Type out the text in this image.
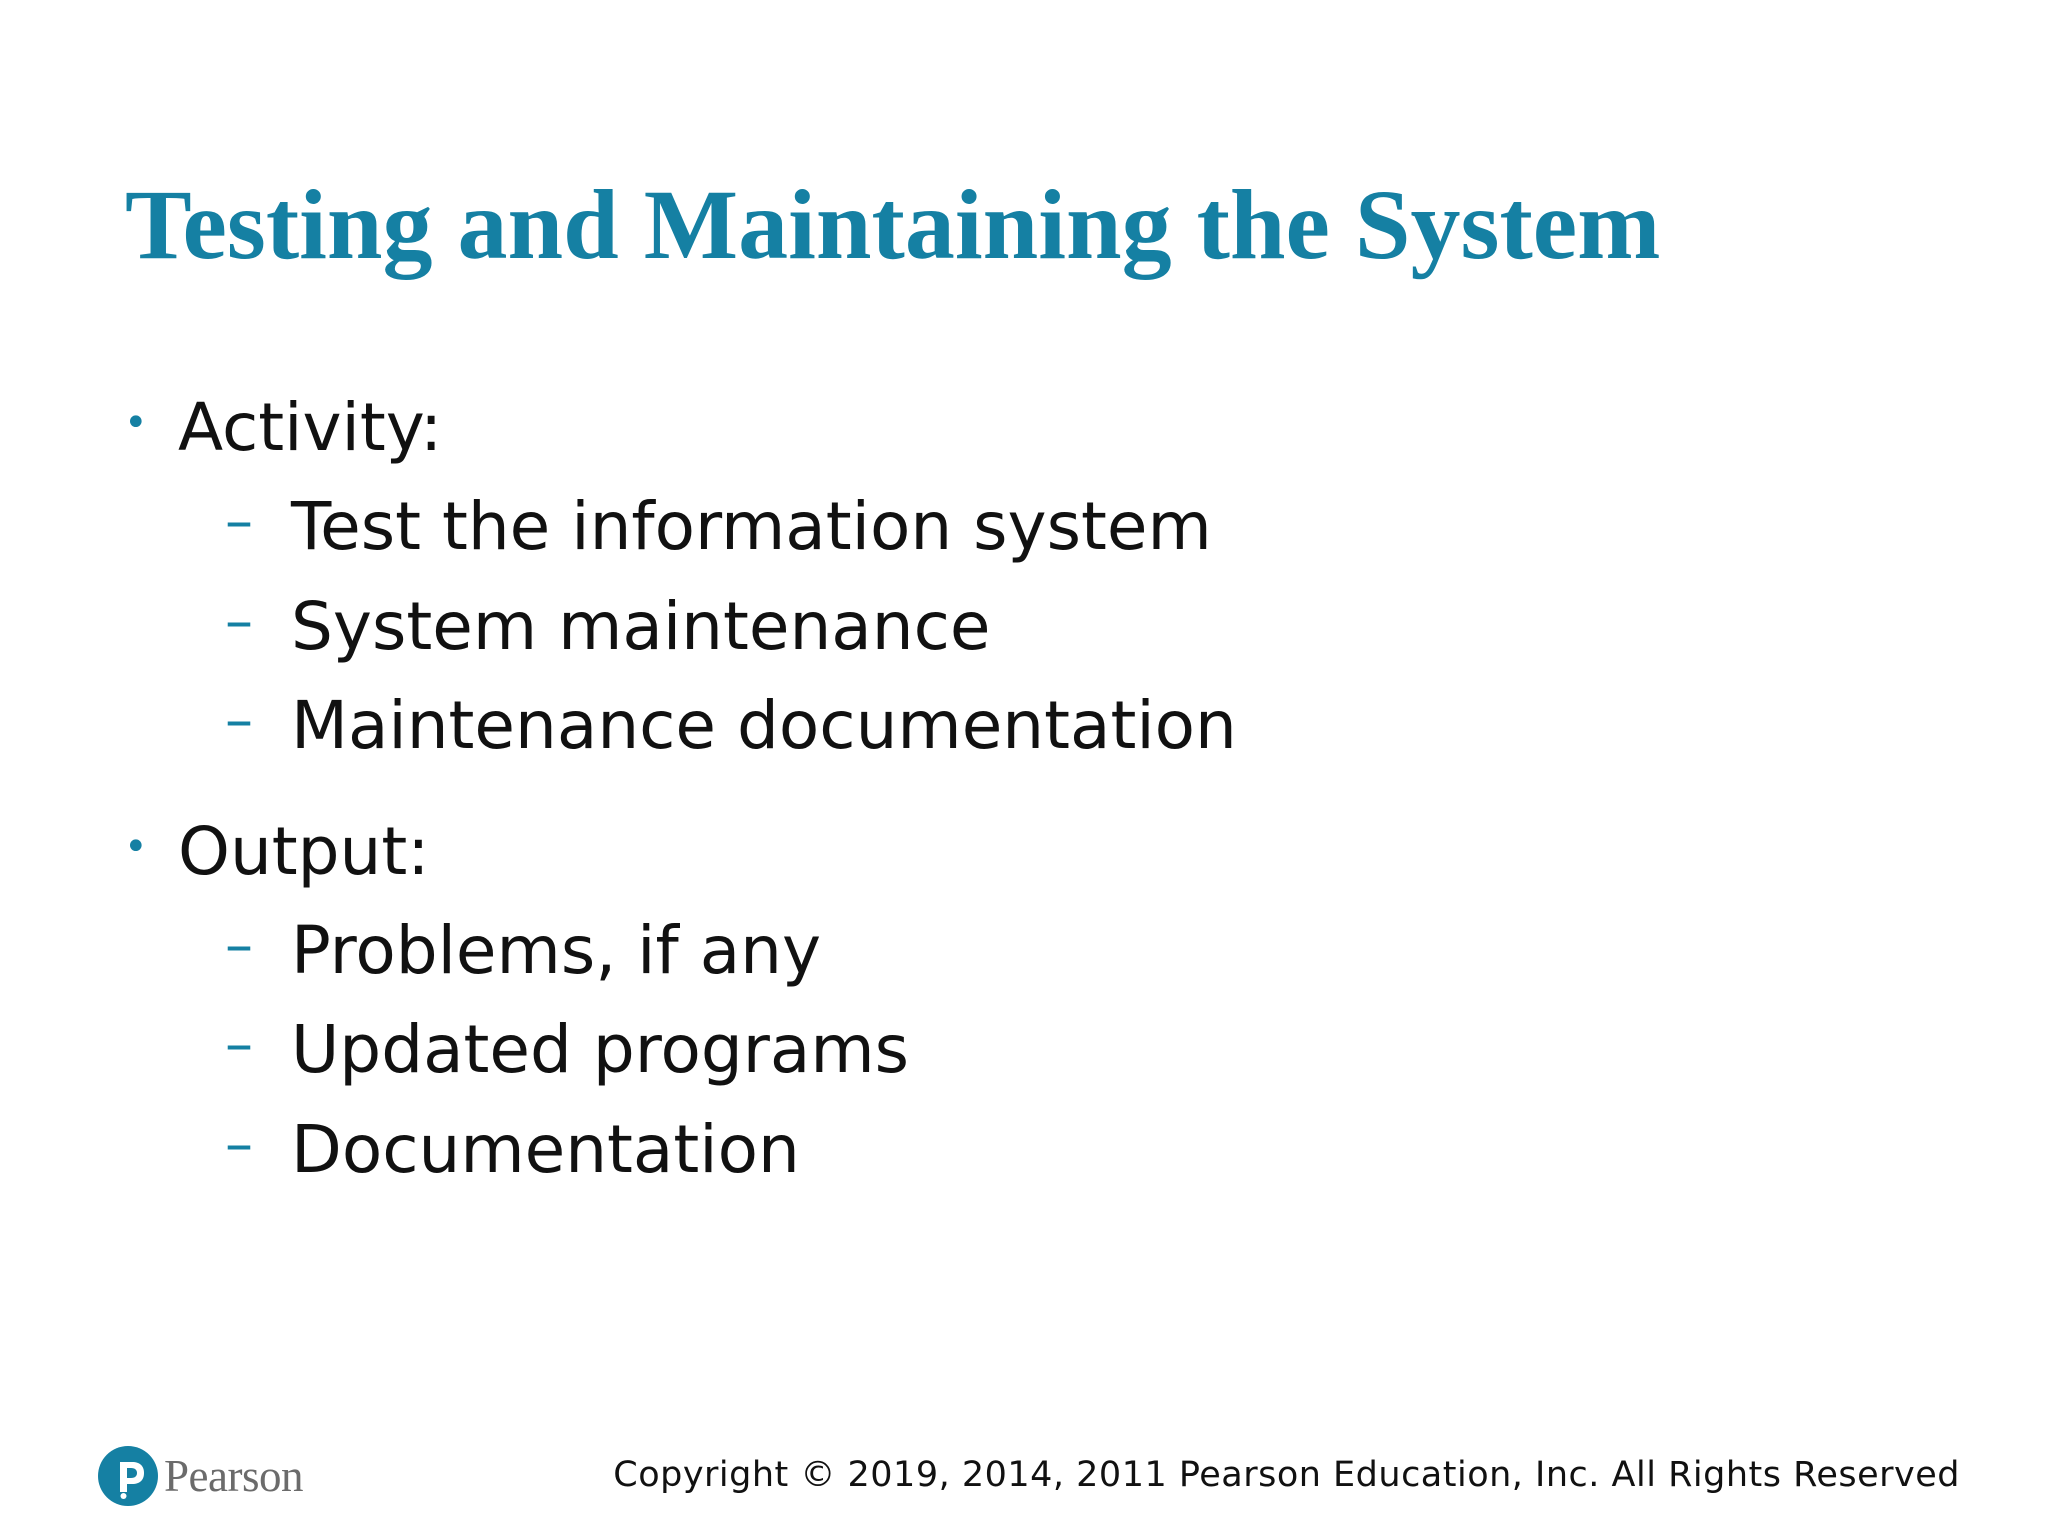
Testing and Maintaining the System
• Activity:
– Test the information system
– System maintenance
– Maintenance documentation
• Output:
– Problems, if any
– Updated programs
– Documentation
Pearson	Copyright © 2019, 2014, 2011 Pearson Education, Inc. All Rights Reserved
